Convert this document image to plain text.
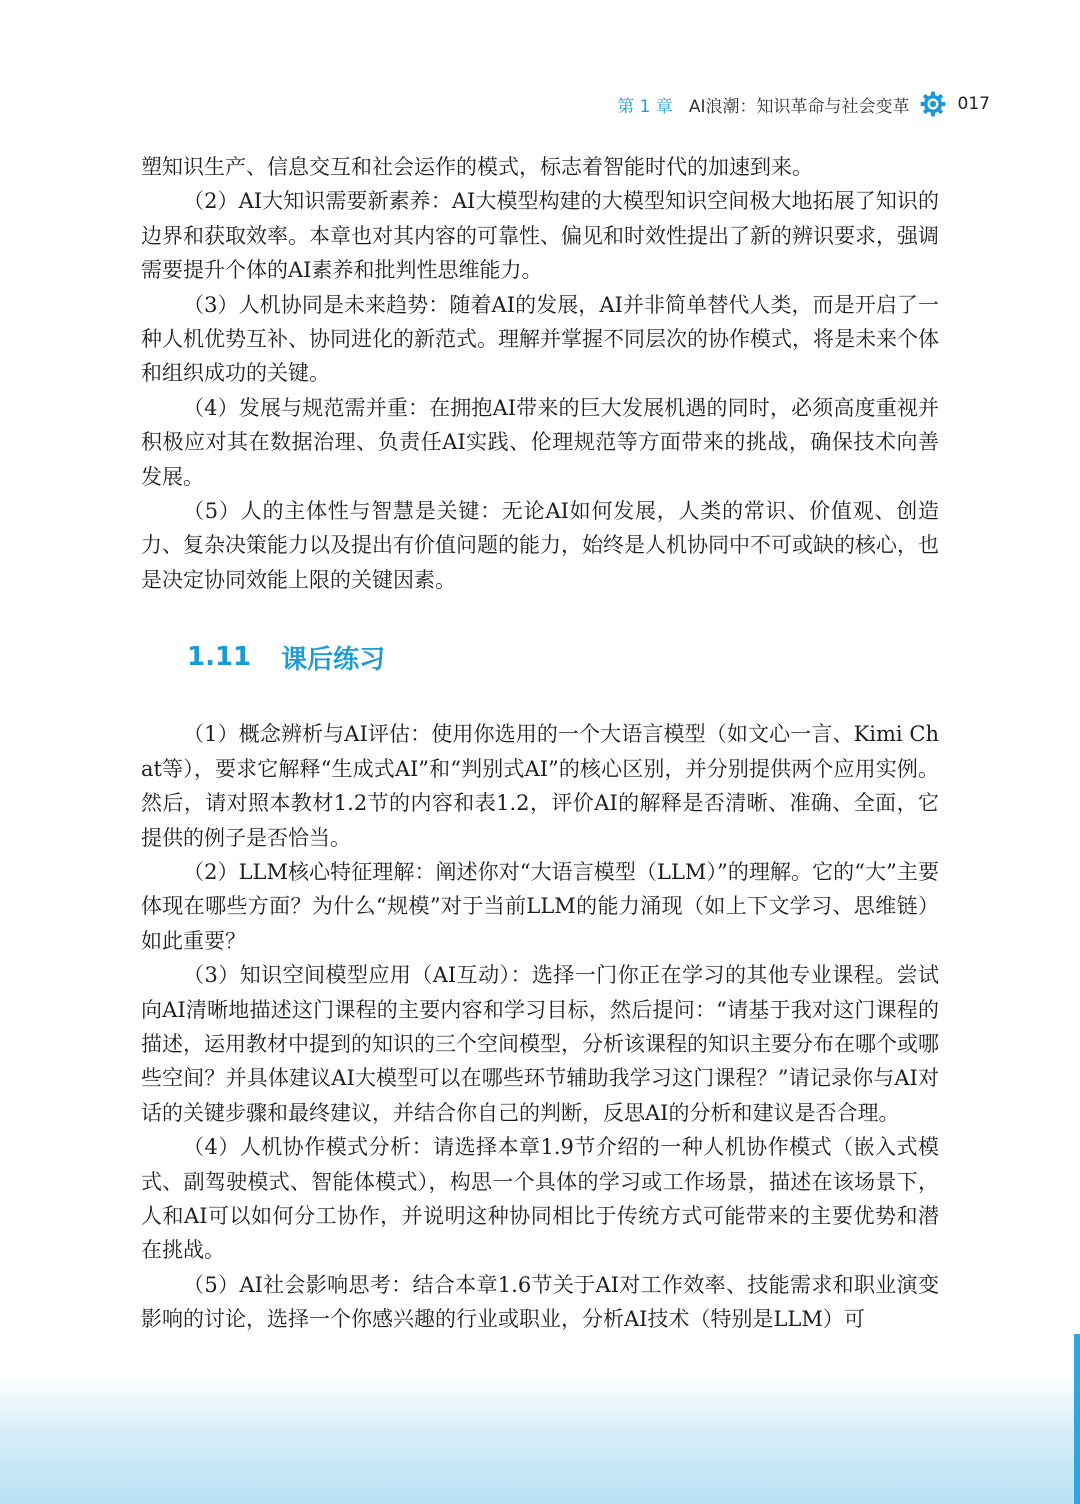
第 1 章 AI浪潮：知识革命与社会变革	017

塑知识生产、信息交互和社会运作的模式，标志着智能时代的加速到来。

（2）AI大知识需要新素养：AI大模型构建的大模型知识空间极大地拓展了知识的边界和获取效率。本章也对其内容的可靠性、偏见和时效性提出了新的辨识要求，强调需要提升个体的AI素养和批判性思维能力。

（3）人机协同是未来趋势：随着AI的发展，AI并非简单替代人类，而是开启了一种人机优势互补、协同进化的新范式。理解并掌握不同层次的协作模式，将是未来个体和组织成功的关键。

（4）发展与规范需并重：在拥抱AI带来的巨大发展机遇的同时，必须高度重视并积极应对其在数据治理、负责任AI实践、伦理规范等方面带来的挑战，确保技术向善发展。

（5）人的主体性与智慧是关键：无论AI如何发展，人类的常识、价值观、创造力、复杂决策能力以及提出有价值问题的能力，始终是人机协同中不可或缺的核心，也是决定协同效能上限的关键因素。

1.11 课后练习

（1）概念辨析与AI评估：使用你选用的一个大语言模型（如文心一言、Kimi Chat等），要求它解释“生成式AI”和“判别式AI”的核心区别，并分别提供两个应用实例。然后，请对照本教材1.2节的内容和表1.2，评价AI的解释是否清晰、准确、全面，它提供的例子是否恰当。

（2）LLM核心特征理解：阐述你对“大语言模型（LLM）”的理解。它的“大”主要体现在哪些方面？为什么“规模”对于当前LLM的能力涌现（如上下文学习、思维链）如此重要？

（3）知识空间模型应用（AI互动）：选择一门你正在学习的其他专业课程。尝试向AI清晰地描述这门课程的主要内容和学习目标，然后提问：“请基于我对这门课程的描述，运用教材中提到的知识的三个空间模型，分析该课程的知识主要分布在哪个或哪些空间？并具体建议AI大模型可以在哪些环节辅助我学习这门课程？”请记录你与AI对话的关键步骤和最终建议，并结合你自己的判断，反思AI的分析和建议是否合理。

（4）人机协作模式分析：请选择本章1.9节介绍的一种人机协作模式（嵌入式模式、副驾驶模式、智能体模式），构思一个具体的学习或工作场景，描述在该场景下，人和AI可以如何分工协作，并说明这种协同相比于传统方式可能带来的主要优势和潜在挑战。

（5）AI社会影响思考：结合本章1.6节关于AI对工作效率、技能需求和职业演变影响的讨论，选择一个你感兴趣的行业或职业，分析AI技术（特别是LLM）可
